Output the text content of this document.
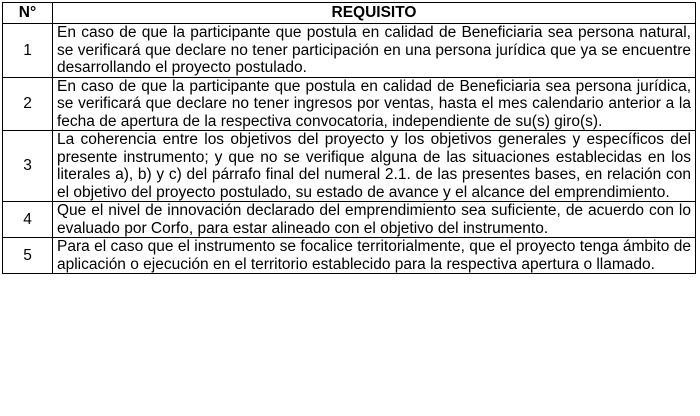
N°	REQUISITO
1	En caso de que la participante que postula en calidad de Beneficiaria sea persona natural, se verificará que declare no tener participación en una persona jurídica que ya se encuentre desarrollando el proyecto postulado.
2	En caso de que la participante que postula en calidad de Beneficiaria sea persona jurídica, se verificará que declare no tener ingresos por ventas, hasta el mes calendario anterior a la fecha de apertura de la respectiva convocatoria, independiente de su(s) giro(s).
3	La coherencia entre los objetivos del proyecto y los objetivos generales y específicos del presente instrumento; y que no se verifique alguna de las situaciones establecidas en los literales a), b) y c) del párrafo final del numeral 2.1. de las presentes bases, en relación con el objetivo del proyecto postulado, su estado de avance y el alcance del emprendimiento.
4	Que el nivel de innovación declarado del emprendimiento sea suficiente, de acuerdo con lo evaluado por Corfo, para estar alineado con el objetivo del instrumento.
5	Para el caso que el instrumento se focalice territorialmente, que el proyecto tenga ámbito de aplicación o ejecución en el territorio establecido para la respectiva apertura o llamado.
